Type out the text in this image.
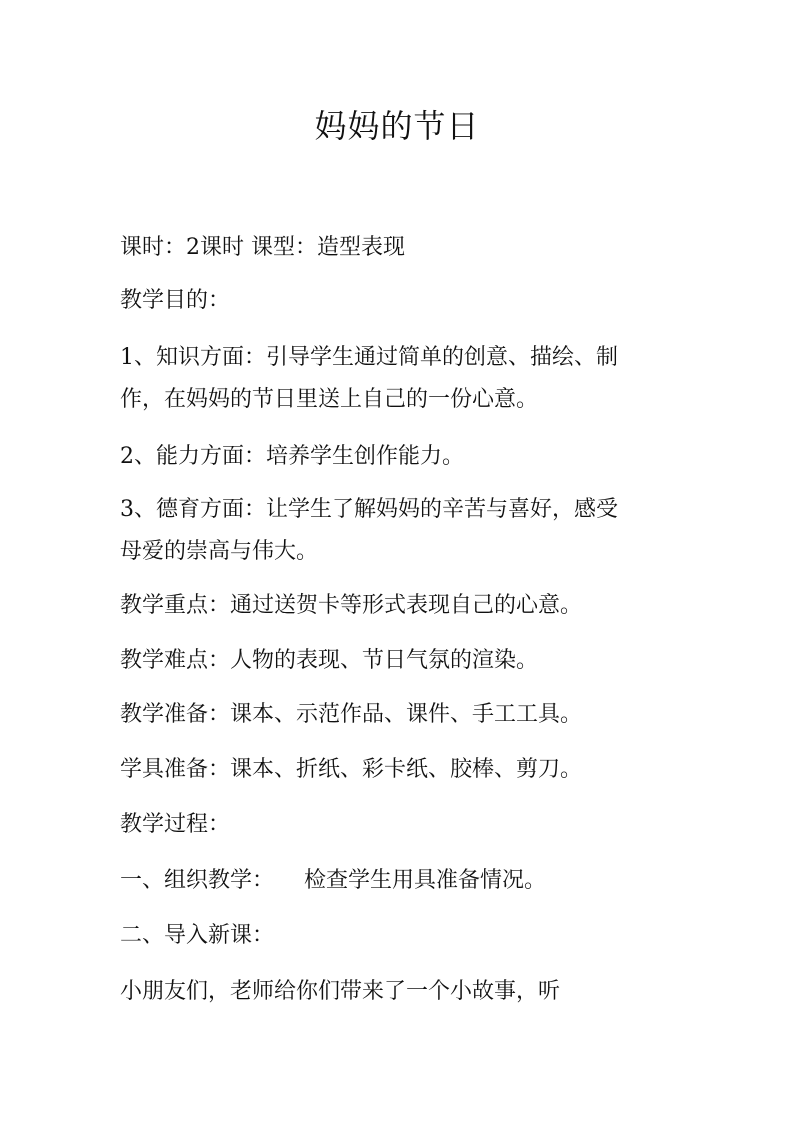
妈妈的节日
课时：2课时 课型：造型表现
教学目的：
1、知识方面：引导学生通过简单的创意、描绘、制
作，在妈妈的节日里送上自己的一份心意。
2、能力方面：培养学生创作能力。
3、德育方面：让学生了解妈妈的辛苦与喜好，感受
母爱的崇高与伟大。
教学重点：通过送贺卡等形式表现自己的心意。
教学难点：人物的表现、节日气氛的渲染。
教学准备：课本、示范作品、课件、手工工具。
学具准备：课本、折纸、彩卡纸、胶棒、剪刀。
教学过程：
一、组织教学： 检查学生用具准备情况。
二、导入新课：
小朋友们，老师给你们带来了一个小故事，听
